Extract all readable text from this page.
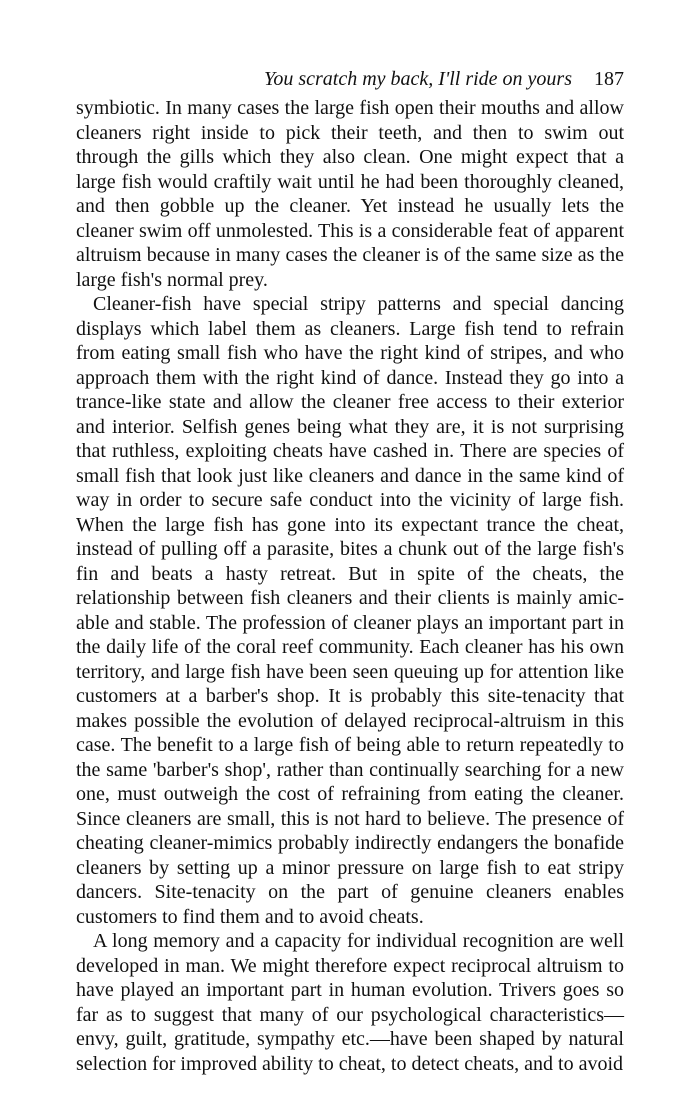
You scratch my back, I'll ride on yours 187

symbiotic. In many cases the large fish open their mouths and allow cleaners right inside to pick their teeth, and then to swim out through the gills which they also clean. One might expect that a large fish would craftily wait until he had been thoroughly cleaned, and then gobble up the cleaner. Yet instead he usually lets the cleaner swim off unmolested. This is a considerable feat of apparent altruism because in many cases the cleaner is of the same size as the large fish's normal prey.

Cleaner-fish have special stripy patterns and special dancing displays which label them as cleaners. Large fish tend to refrain from eating small fish who have the right kind of stripes, and who approach them with the right kind of dance. Instead they go into a trance-like state and allow the cleaner free access to their exterior and interior. Selfish genes being what they are, it is not surprising that ruthless, exploiting cheats have cashed in. There are species of small fish that look just like cleaners and dance in the same kind of way in order to secure safe conduct into the vicinity of large fish. When the large fish has gone into its expectant trance the cheat, instead of pulling off a parasite, bites a chunk out of the large fish's fin and beats a hasty retreat. But in spite of the cheats, the relationship between fish cleaners and their clients is mainly amicable and stable. The profession of cleaner plays an important part in the daily life of the coral reef community. Each cleaner has his own territory, and large fish have been seen queuing up for attention like customers at a barber's shop. It is probably this site-tenacity that makes possible the evolution of delayed reciprocal-altruism in this case. The benefit to a large fish of being able to return repeatedly to the same 'barber's shop', rather than continually searching for a new one, must outweigh the cost of refraining from eating the cleaner. Since cleaners are small, this is not hard to believe. The presence of cheating cleaner-mimics probably indirectly endangers the bonafide cleaners by setting up a minor pressure on large fish to eat stripy dancers. Site-tenacity on the part of genuine cleaners enables customers to find them and to avoid cheats.

A long memory and a capacity for individual recognition are well developed in man. We might therefore expect reciprocal altruism to have played an important part in human evolution. Trivers goes so far as to suggest that many of our psychological characteristics—envy, guilt, gratitude, sympathy etc.—have been shaped by natural selection for improved ability to cheat, to detect cheats, and to avoid
